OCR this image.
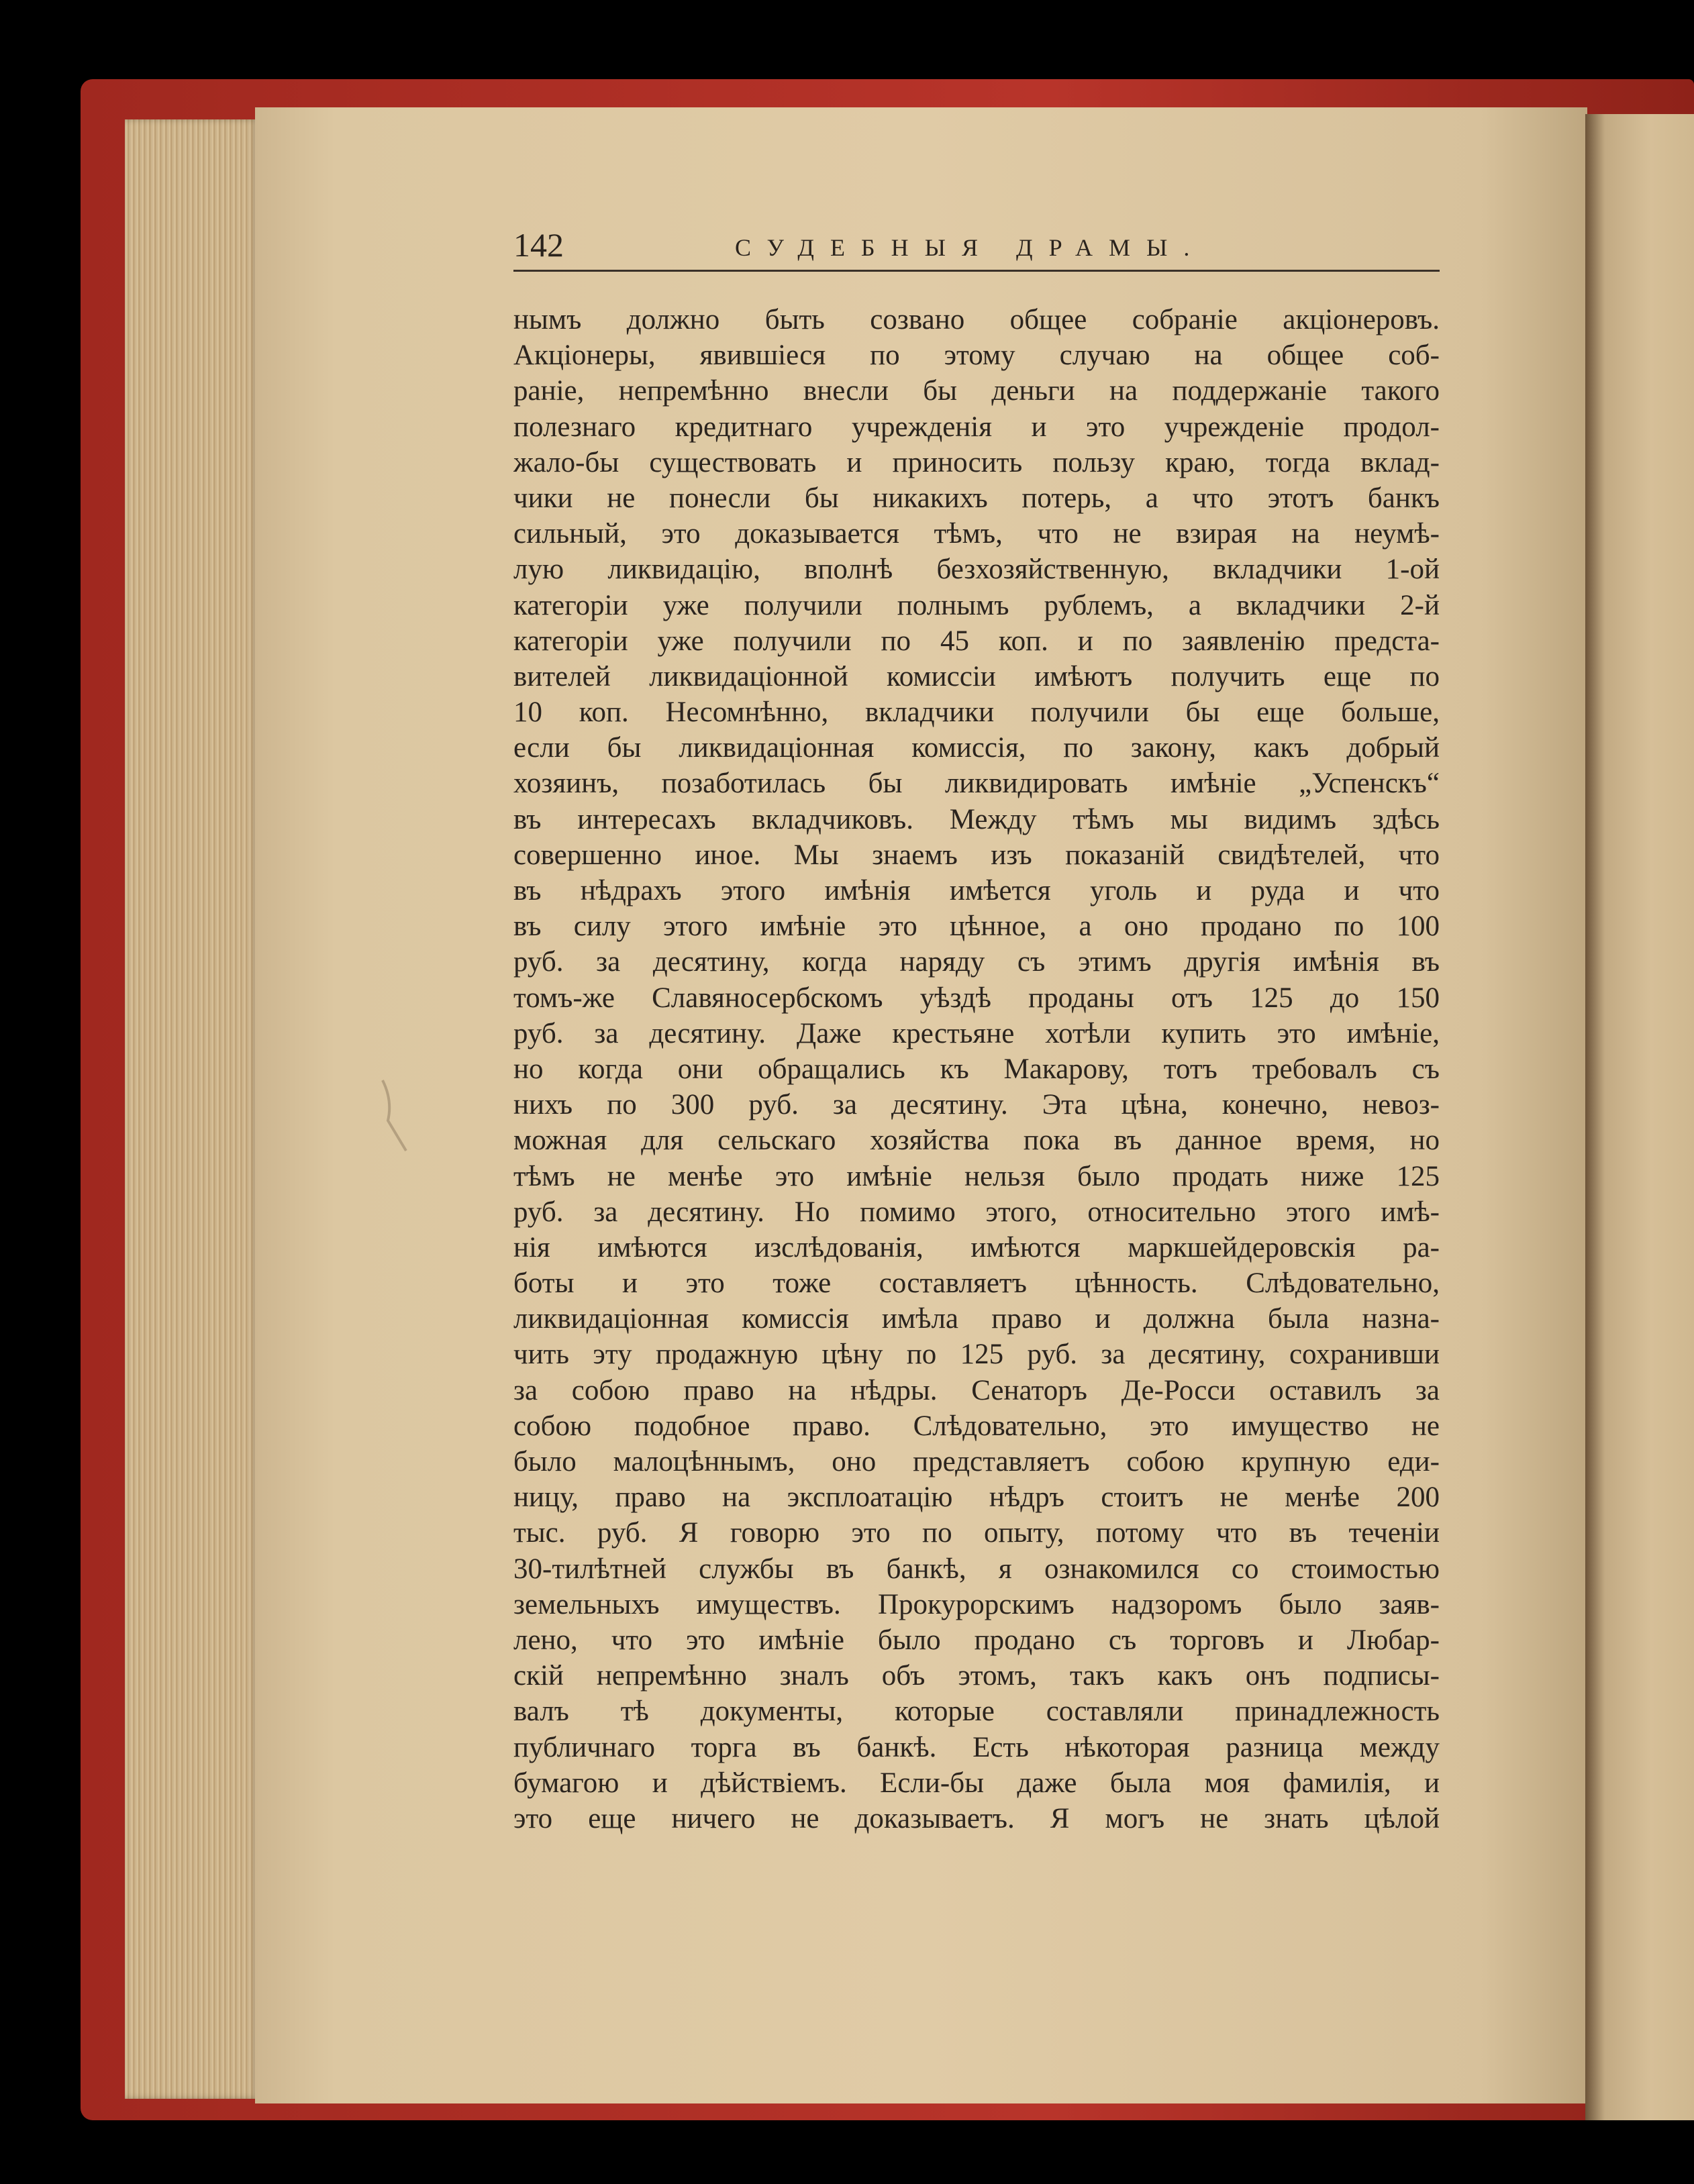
142	СУДЕБНЫЯ ДРАМЫ.
нымъ должно быть созвано общее собраніе акціонеровъ.
Акціонеры, явившіеся по этому случаю на общее соб-
раніе, непремѣнно внесли бы деньги на поддержаніе такого
полезнаго кредитнаго учрежденія и это учрежденіе продол-
жало-бы существовать и приносить пользу краю, тогда вклад-
чики не понесли бы никакихъ потерь, а что этотъ банкъ
сильный, это доказывается тѣмъ, что не взирая на неумѣ-
лую ликвидацію, вполнѣ безхозяйственную, вкладчики 1-ой
категоріи уже получили полнымъ рублемъ, а вкладчики 2-й
категоріи уже получили по 45 коп. и по заявленію предста-
вителей ликвидаціонной комиссіи имѣютъ получить еще по
10 коп. Несомнѣнно, вкладчики получили бы еще больше,
если бы ликвидаціонная комиссія, по закону, какъ добрый
хозяинъ, позаботилась бы ликвидировать имѣніе „Успенскъ“
въ интересахъ вкладчиковъ. Между тѣмъ мы видимъ здѣсь
совершенно иное. Мы знаемъ изъ показаній свидѣтелей, что
въ нѣдрахъ этого имѣнія имѣется уголь и руда и что
въ силу этого имѣніе это цѣнное, а оно продано по 100
руб. за десятину, когда наряду съ этимъ другія имѣнія въ
томъ-же Славяносербскомъ уѣздѣ проданы отъ 125 до 150
руб. за десятину. Даже крестьяне хотѣли купить это имѣніе,
но когда они обращались къ Макарову, тотъ требовалъ съ
нихъ по 300 руб. за десятину. Эта цѣна, конечно, невоз-
можная для сельскаго хозяйства пока въ данное время, но
тѣмъ не менѣе это имѣніе нельзя было продать ниже 125
руб. за десятину. Но помимо этого, относительно этого имѣ-
нія имѣются изслѣдованія, имѣются маркшейдеровскія ра-
боты и это тоже составляетъ цѣнность. Слѣдовательно,
ликвидаціонная комиссія имѣла право и должна была назна-
чить эту продажную цѣну по 125 руб. за десятину, сохранивши
за собою право на нѣдры. Сенаторъ Де-Росси оставилъ за
собою подобное право. Слѣдовательно, это имущество не
было малоцѣннымъ, оно представляетъ собою крупную еди-
ницу, право на эксплоатацію нѣдръ стоитъ не менѣе 200
тыс. руб. Я говорю это по опыту, потому что въ теченіи
30-тилѣтней службы въ банкѣ, я ознакомился со стоимостью
земельныхъ имуществъ. Прокурорскимъ надзоромъ было заяв-
лено, что это имѣніе было продано съ торговъ и Любар-
скій непремѣнно зналъ объ этомъ, такъ какъ онъ подписы-
валъ тѣ документы, которые составляли принадлежность
публичнаго торга въ банкѣ. Есть нѣкоторая разница между
бумагою и дѣйствіемъ. Если-бы даже была моя фамилія, и
это еще ничего не доказываетъ. Я могъ не знать цѣлой
